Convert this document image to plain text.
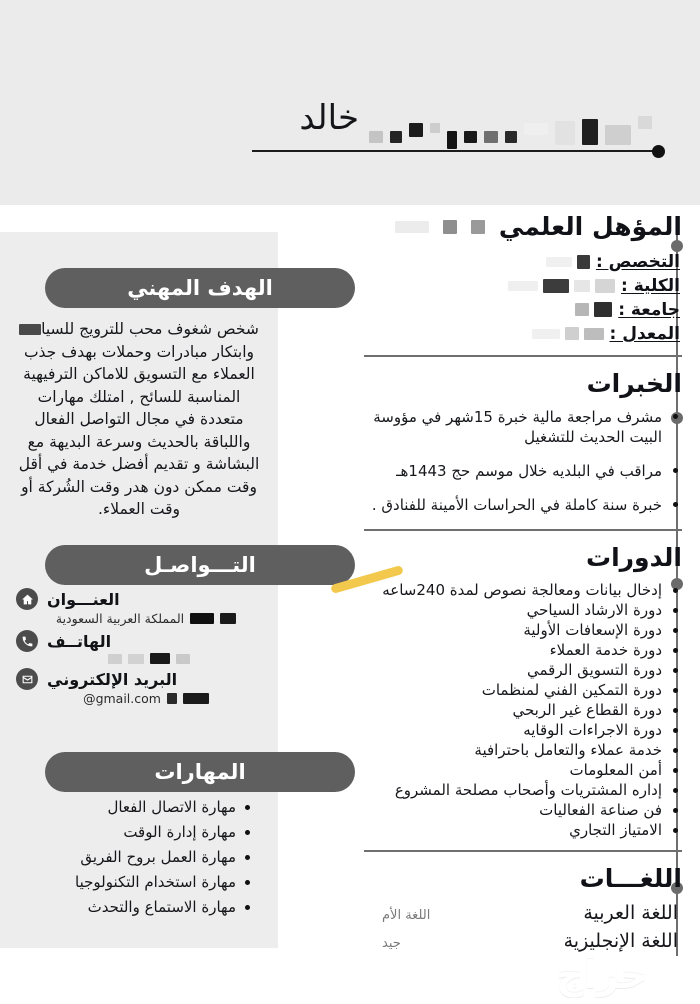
خالد
المؤهل العلمي
التخصص :
الكلية :
جامعة :
المعدل :
الخبرات
مشرف مراجعة مالية خبرة 15شهر في مؤوسة البيت الحديث للتشغيل
مراقب في البلديه خلال موسم حج 1443هـ
خبرة سنة كاملة في الحراسات الأمينة للفنادق .
الدورات
إدخال بيانات ومعالجة نصوص لمدة 240ساعه
دورة الارشاد السياحي
دورة الإسعافات الأولية
دورة خدمة العملاء
دورة التسويق الرقمي
دورة التمكين الفني لمنظمات
دورة القطاع غير الربحي
دورة الاجراءات الوقايه
خدمة عملاء والتعامل باحترافية
أمن المعلومات
إداره المشتريات وأصحاب مصلحة المشروع
فن صناعة الفعاليات
الامتياز التجاري
اللغـــات
اللغة العربية
اللغة الأم
اللغة الإنجليزية
جيد
الهدف المهني
شخص شغوف محب للترويج للسيا وابتكار مبادرات وحملات بهدف جذب العملاء مع التسويق للاماكن الترفيهية المناسبة للسائح , امتلك مهارات متعددة في مجال التواصل الفعال واللباقة بالحديث وسرعة البديهة مع البشاشة و تقديم أفضل خدمة في أقل وقت ممكن دون هدر وقت الشُركة أو وقت العملاء.
التـــواصـل
العنـــوان
المملكة العربية السعودية
الهاتــف
البريد الإلكتروني
@gmail.com
المهارات
مهارة الاتصال الفعال
مهارة إدارة الوقت
مهارة العمل بروح الفريق
مهارة استخدام التكنولوجيا
مهارة الاستماع والتحدث
حراج
